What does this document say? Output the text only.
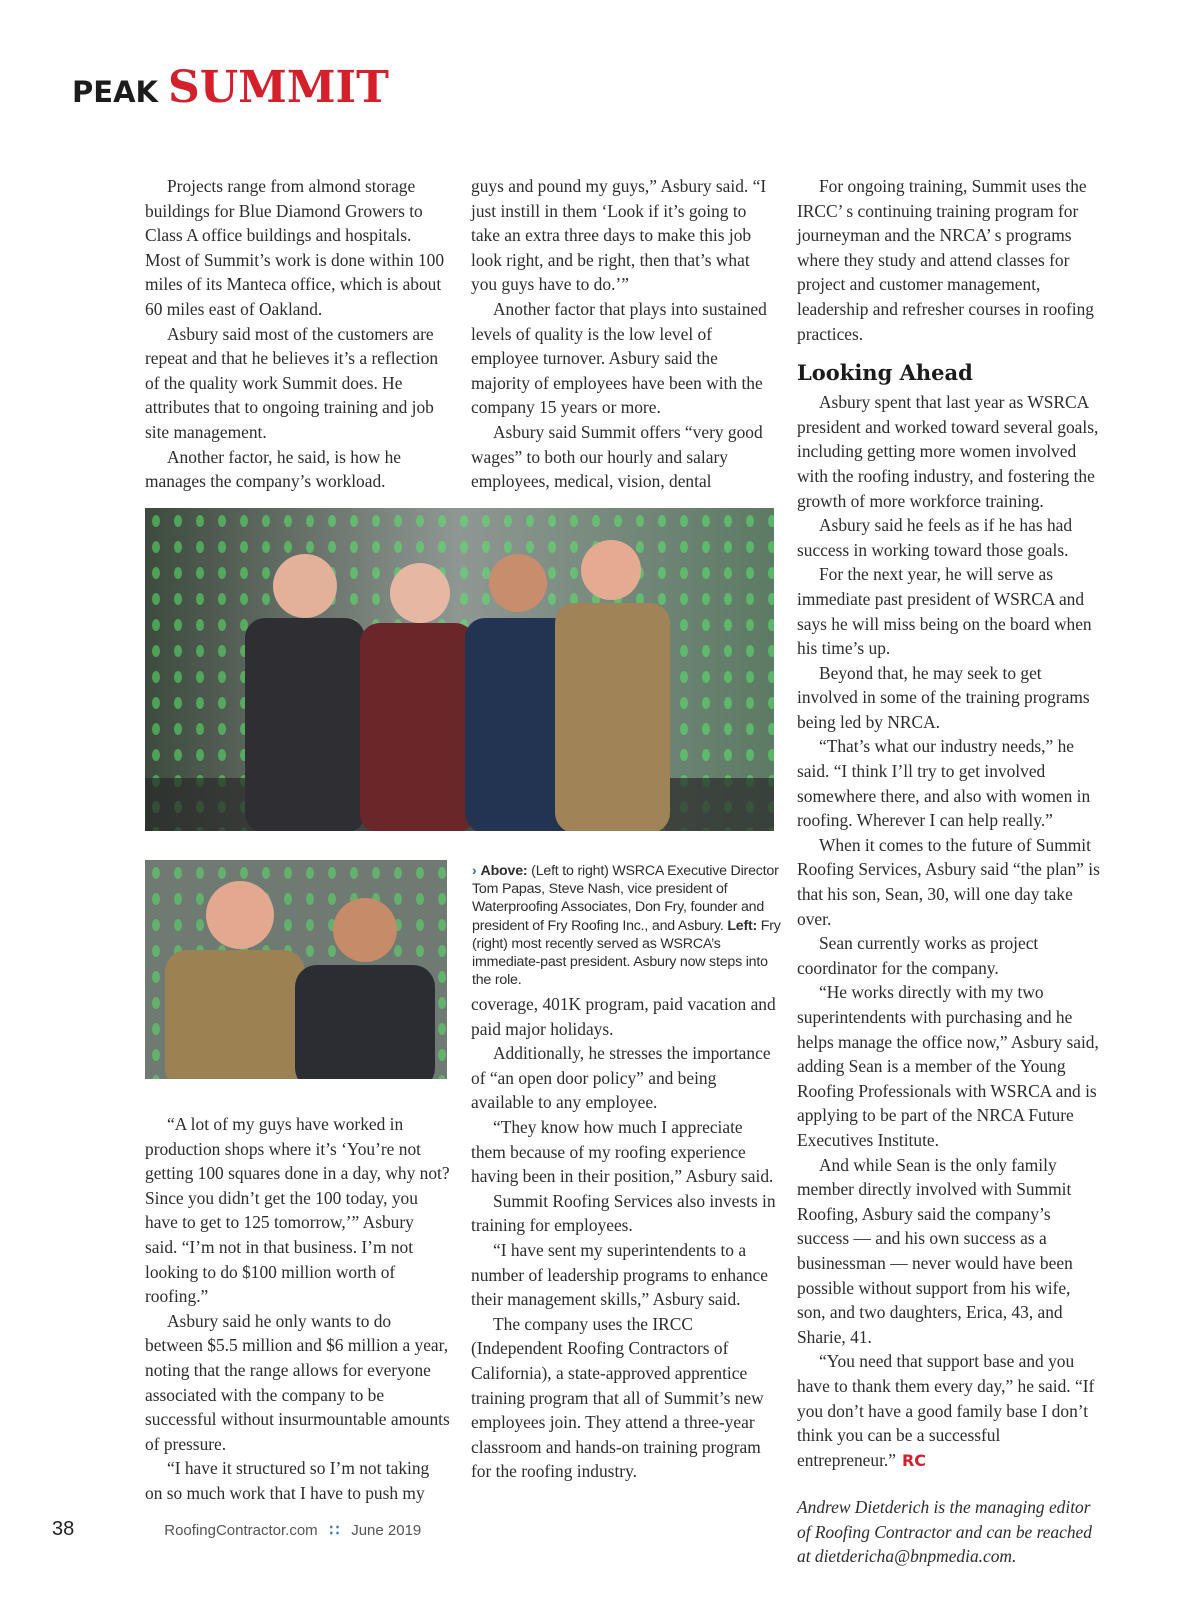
PEAK SUMMIT

Projects range from almond storage buildings for Blue Diamond Growers to Class A office buildings and hospitals. Most of Summit’s work is done within 100 miles of its Manteca office, which is about 60 miles east of Oakland.

Asbury said most of the customers are repeat and that he believes it’s a reflection of the quality work Summit does. He attributes that to ongoing training and job site management.

Another factor, he said, is how he manages the company’s workload.

guys and pound my guys,” Asbury said. “I just instill in them ‘Look if it’s going to take an extra three days to make this job look right, and be right, then that’s what you guys have to do.’”

Another factor that plays into sustained levels of quality is the low level of employee turnover. Asbury said the majority of employees have been with the company 15 years or more.

Asbury said Summit offers “very good wages” to both our hourly and salary employees, medical, vision, dental

For ongoing training, Summit uses the IRCC’ s continuing training program for journeyman and the NRCA’ s programs where they study and attend classes for project and customer management, leadership and refresher courses in roofing practices.

Looking Ahead

Asbury spent that last year as WSRCA president and worked toward several goals, including getting more women involved with the roofing industry, and fostering the growth of more workforce training.

Asbury said he feels as if he has had success in working toward those goals.

For the next year, he will serve as immediate past president of WSRCA and says he will miss being on the board when his time’s up.

Beyond that, he may seek to get involved in some of the training programs being led by NRCA.

“That’s what our industry needs,” he said. “I think I’ll try to get involved somewhere there, and also with women in roofing. Wherever I can help really.”

When it comes to the future of Summit Roofing Services, Asbury said “the plan” is that his son, Sean, 30, will one day take over.

Sean currently works as project coordinator for the company.

“He works directly with my two superintendents with purchasing and he helps manage the office now,” Asbury said, adding Sean is a member of the Young Roofing Professionals with WSRCA and is applying to be part of the NRCA Future Executives Institute.

And while Sean is the only family member directly involved with Summit Roofing, Asbury said the company’s success — and his own success as a businessman — never would have been possible without support from his wife, son, and two daughters, Erica, 43, and Sharie, 41.

“You need that support base and you have to thank them every day,” he said. “If you don’t have a good family base I don’t think you can be a successful entrepreneur.” RC

Andrew Dietderich is the managing editor of Roofing Contractor and can be reached at dietdericha@bnpmedia.com.

› Above: (Left to right) WSRCA Executive Director Tom Papas, Steve Nash, vice president of Waterproofing Associates, Don Fry, founder and president of Fry Roofing Inc., and Asbury. Left: Fry (right) most recently served as WSRCA’s immediate-past president. Asbury now steps into the role.

“A lot of my guys have worked in production shops where it’s ‘You’re not getting 100 squares done in a day, why not? Since you didn’t get the 100 today, you have to get to 125 tomorrow,’” Asbury said. “I’m not in that business. I’m not looking to do $100 million worth of roofing.”

Asbury said he only wants to do between $5.5 million and $6 million a year, noting that the range allows for everyone associated with the company to be successful without insurmountable amounts of pressure.

“I have it structured so I’m not taking on so much work that I have to push my

coverage, 401K program, paid vacation and paid major holidays.

Additionally, he stresses the importance of “an open door policy” and being available to any employee.

“They know how much I appreciate them because of my roofing experience having been in their position,” Asbury said.

Summit Roofing Services also invests in training for employees.

“I have sent my superintendents to a number of leadership programs to enhance their management skills,” Asbury said.

The company uses the IRCC (Independent Roofing Contractors of California), a state-approved apprentice training program that all of Summit’s new employees join. They attend a three-year classroom and hands-on training program for the roofing industry.

38	RoofingContractor.com ∷ June 2019
